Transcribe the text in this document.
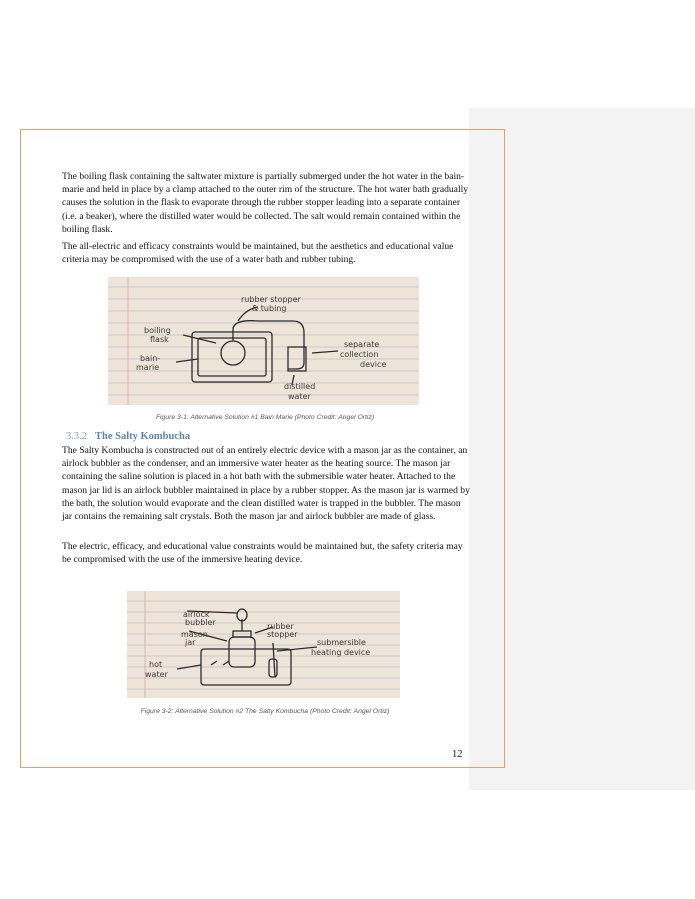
The boiling flask containing the saltwater mixture is partially submerged under the hot water in the bain-marie and held in place by a clamp attached to the outer rim of the structure. The hot water bath gradually causes the solution in the flask to evaporate through the rubber stopper leading into a separate container (i.e. a beaker), where the distilled water would be collected. The salt would remain contained within the boiling flask.

The all-electric and efficacy constraints would be maintained, but the aesthetics and educational value criteria may be compromised with the use of a water bath and rubber tubing.

rubber stopper
& tubing
boiling
flask
bain-
marie
separate
collection
device
distilled
water
Figure 3-1: Alternative Solution #1 Bain Marie (Photo Credit: Angel Ortiz)
3.3.2 The Salty Kombucha

The Salty Kombucha is constructed out of an entirely electric device with a mason jar as the container, an airlock bubbler as the condenser, and an immersive water heater as the heating source. The mason jar containing the saline solution is placed in a hot bath with the submersible water heater. Attached to the mason jar lid is an airlock bubbler maintained in place by a rubber stopper. As the mason jar is warmed by the bath, the solution would evaporate and the clean distilled water is trapped in the bubbler. The mason jar contains the remaining salt crystals. Both the mason jar and airlock bubbler are made of glass.

The electric, efficacy, and educational value constraints would be maintained but, the safety criteria may be compromised with the use of the immersive heating device.

airlock
bubbler
mason
jar
rubber
stopper
submersible
heating device
hot
water
Figure 3-2: Alternative Solution #2 The Salty Kombucha (Photo Credit: Angel Ortiz)
12
